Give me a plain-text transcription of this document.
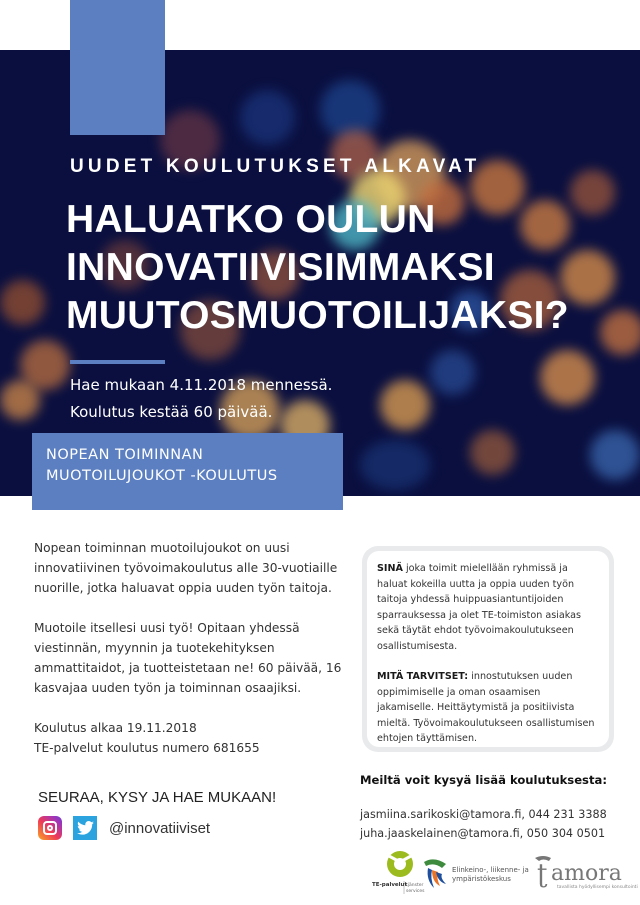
UUDET KOULUTUKSET ALKAVAT
HALUATKO OULUN
INNOVATIIVISIMMAKSI
MUUTOSMUOTOILIJAKSI?
Hae mukaan 4.11.2018 mennessä.
Koulutus kestää 60 päivää.
NOPEAN TOIMINNAN
MUOTOILUJOUKOT -KOULUTUS

Nopean toiminnan muotoilujoukot on uusi innovatiivinen työvoimakoulutus alle 30-vuotiaille nuorille, jotka haluavat oppia uuden työn taitoja.

Muotoile itsellesi uusi työ! Opitaan yhdessä viestinnän, myynnin ja tuotekehityksen ammattitaidot, ja tuotteistetaan ne! 60 päivää, 16 kasvajaa uuden työn ja toiminnan osaajiksi.

Koulutus alkaa 19.11.2018
TE-palvelut koulutus numero 681655

SINÄ joka toimit mielellään ryhmissä ja haluat kokeilla uutta ja oppia uuden työn taitoja yhdessä huippuasiantuntijoiden sparrauksessa ja olet TE-toimiston asiakas sekä täytät ehdot työvoimakoulutukseen osallistumisesta.

MITÄ TARVITSET: innostutuksen uuden oppimimiselle ja oman osaamisen jakamiselle. Heittäytymistä ja positiivista mieltä. Työvoimakoulutukseen osallistumisen ehtojen täyttämisen.

SEURAA, KYSY JA HAE MUKAAN!
@innovatiiviset
Meiltä voit kysyä lisää koulutuksesta:
jasmiina.sarikoski@tamora.fi, 044 231 3388
juha.jaaskelainen@tamora.fi, 050 304 0501
TE-palvelut
tjänster
services
Elinkeino-, liikenne- ja
ympäristökeskus ʈ amora
tavallista hyödyllisempi konsultointi
